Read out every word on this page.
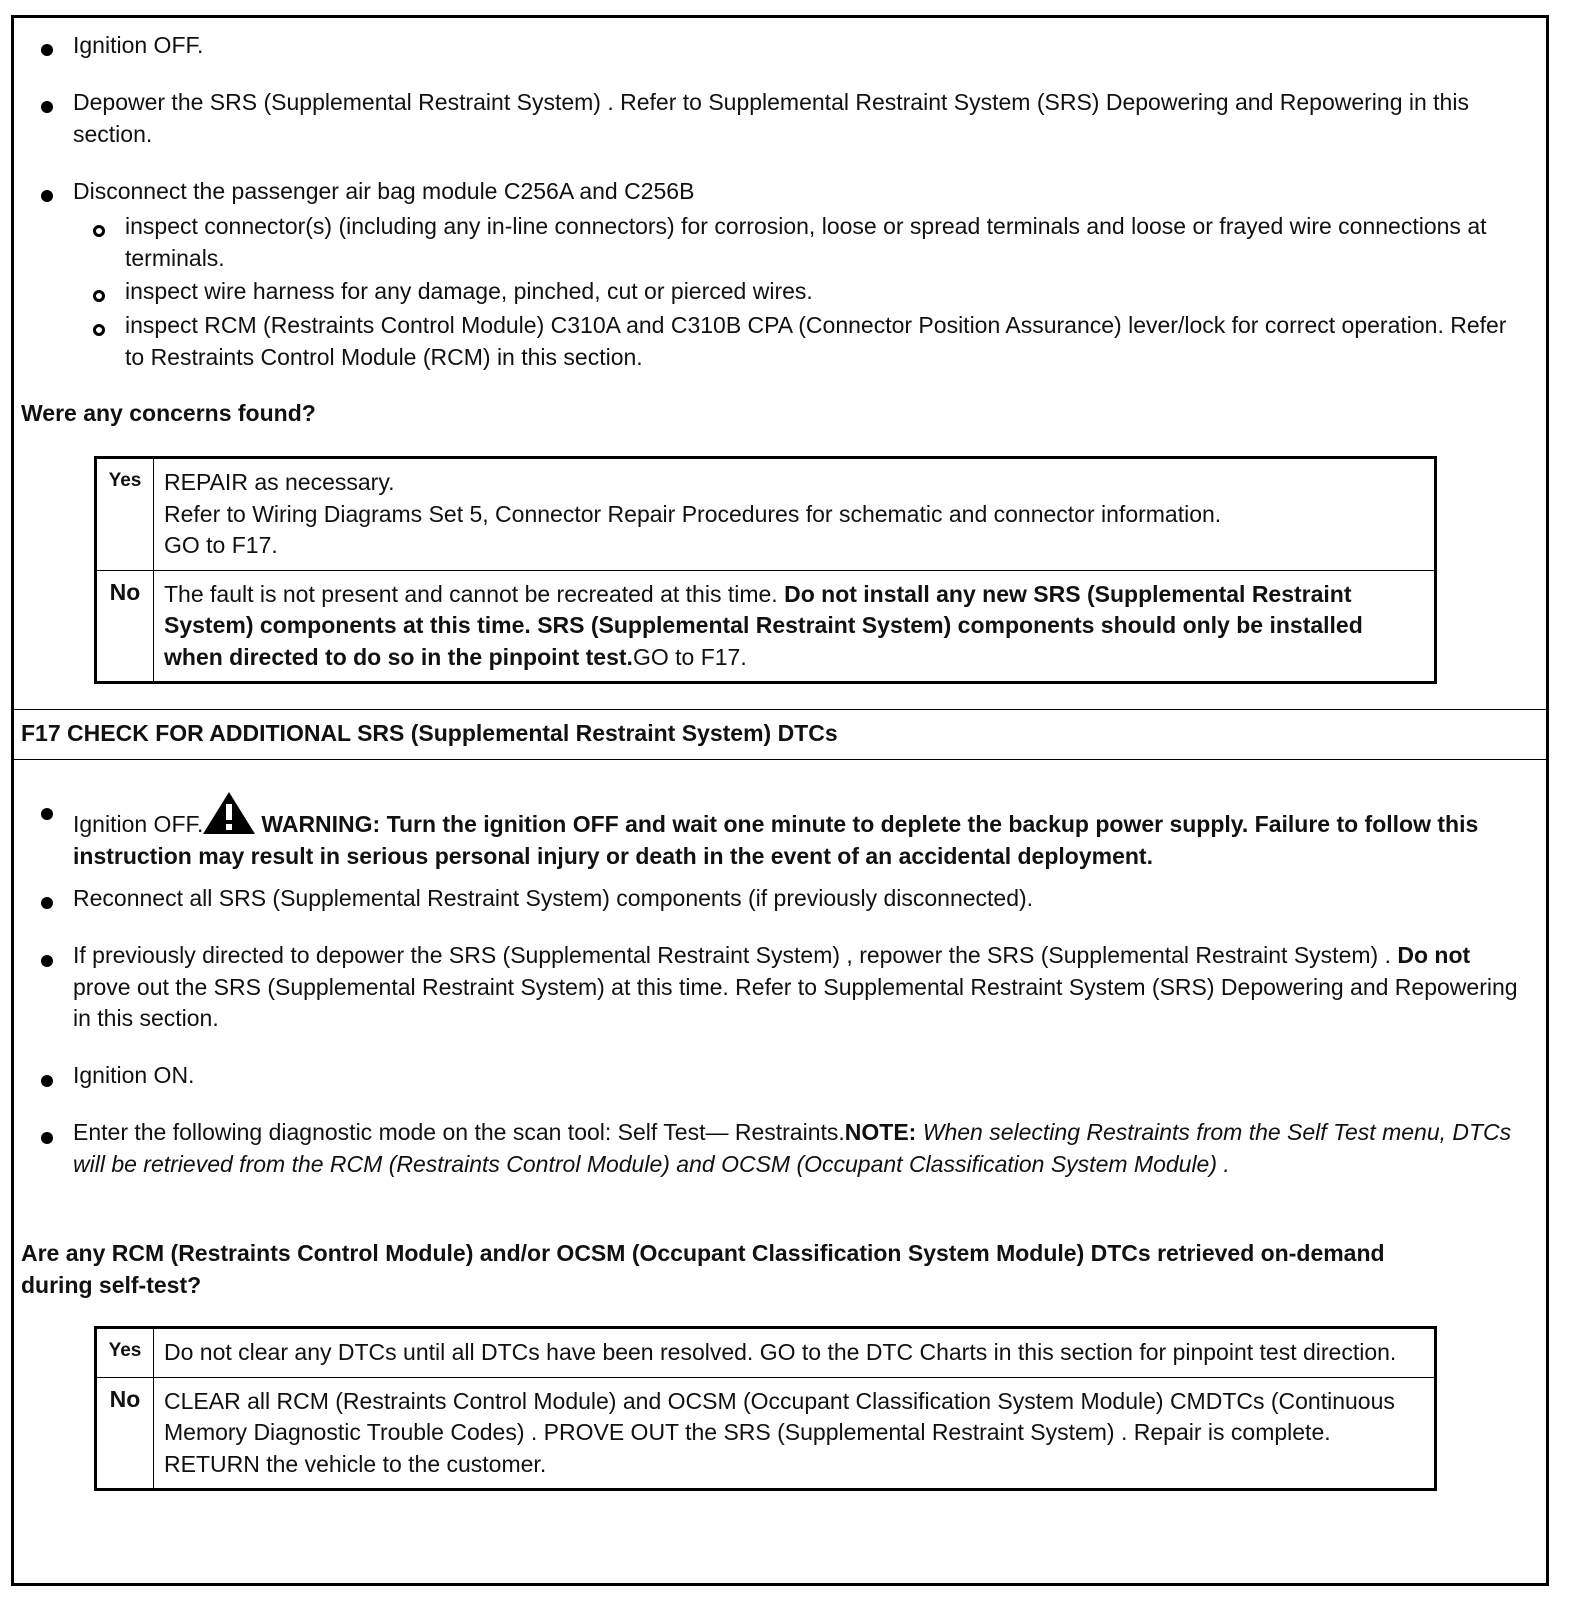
Ignition OFF.
Depower the SRS (Supplemental Restraint System) . Refer to Supplemental Restraint System (SRS) Depowering and Repowering in this section.
Disconnect the passenger air bag module C256A and C256B
inspect connector(s) (including any in-line connectors) for corrosion, loose or spread terminals and loose or frayed wire connections at terminals.
inspect wire harness for any damage, pinched, cut or pierced wires.
inspect RCM (Restraints Control Module) C310A and C310B CPA (Connector Position Assurance) lever/lock for correct operation. Refer to Restraints Control Module (RCM) in this section.
Were any concerns found?
Yes	REPAIR as necessary.
Refer to Wiring Diagrams Set 5, Connector Repair Procedures for schematic and connector information.
GO to F17.

No	The fault is not present and cannot be recreated at this time. Do not install any new SRS (Supplemental Restraint System) components at this time. SRS (Supplemental Restraint System) components should only be installed when directed to do so in the pinpoint test.GO to F17.
F17 CHECK FOR ADDITIONAL SRS (Supplemental Restraint System) DTCs
Ignition OFF.	WARNING: Turn the ignition OFF and wait one minute to deplete the backup power supply. Failure to follow this instruction may result in serious personal injury or death in the event of an accidental deployment.
Reconnect all SRS (Supplemental Restraint System) components (if previously disconnected).
If previously directed to depower the SRS (Supplemental Restraint System) , repower the SRS (Supplemental Restraint System) . Do not prove out the SRS (Supplemental Restraint System) at this time. Refer to Supplemental Restraint System (SRS) Depowering and Repowering in this section.
Ignition ON.
Enter the following diagnostic mode on the scan tool: Self Test— Restraints.NOTE: When selecting Restraints from the Self Test menu, DTCs will be retrieved from the RCM (Restraints Control Module) and OCSM (Occupant Classification System Module) .
Are any RCM (Restraints Control Module) and/or OCSM (Occupant Classification System Module) DTCs retrieved on-demand during self-test?
Yes	Do not clear any DTCs until all DTCs have been resolved. GO to the DTC Charts in this section for pinpoint test direction.
No	CLEAR all RCM (Restraints Control Module) and OCSM (Occupant Classification System Module) CMDTCs (Continuous Memory Diagnostic Trouble Codes) . PROVE OUT the SRS (Supplemental Restraint System) . Repair is complete. RETURN the vehicle to the customer.
